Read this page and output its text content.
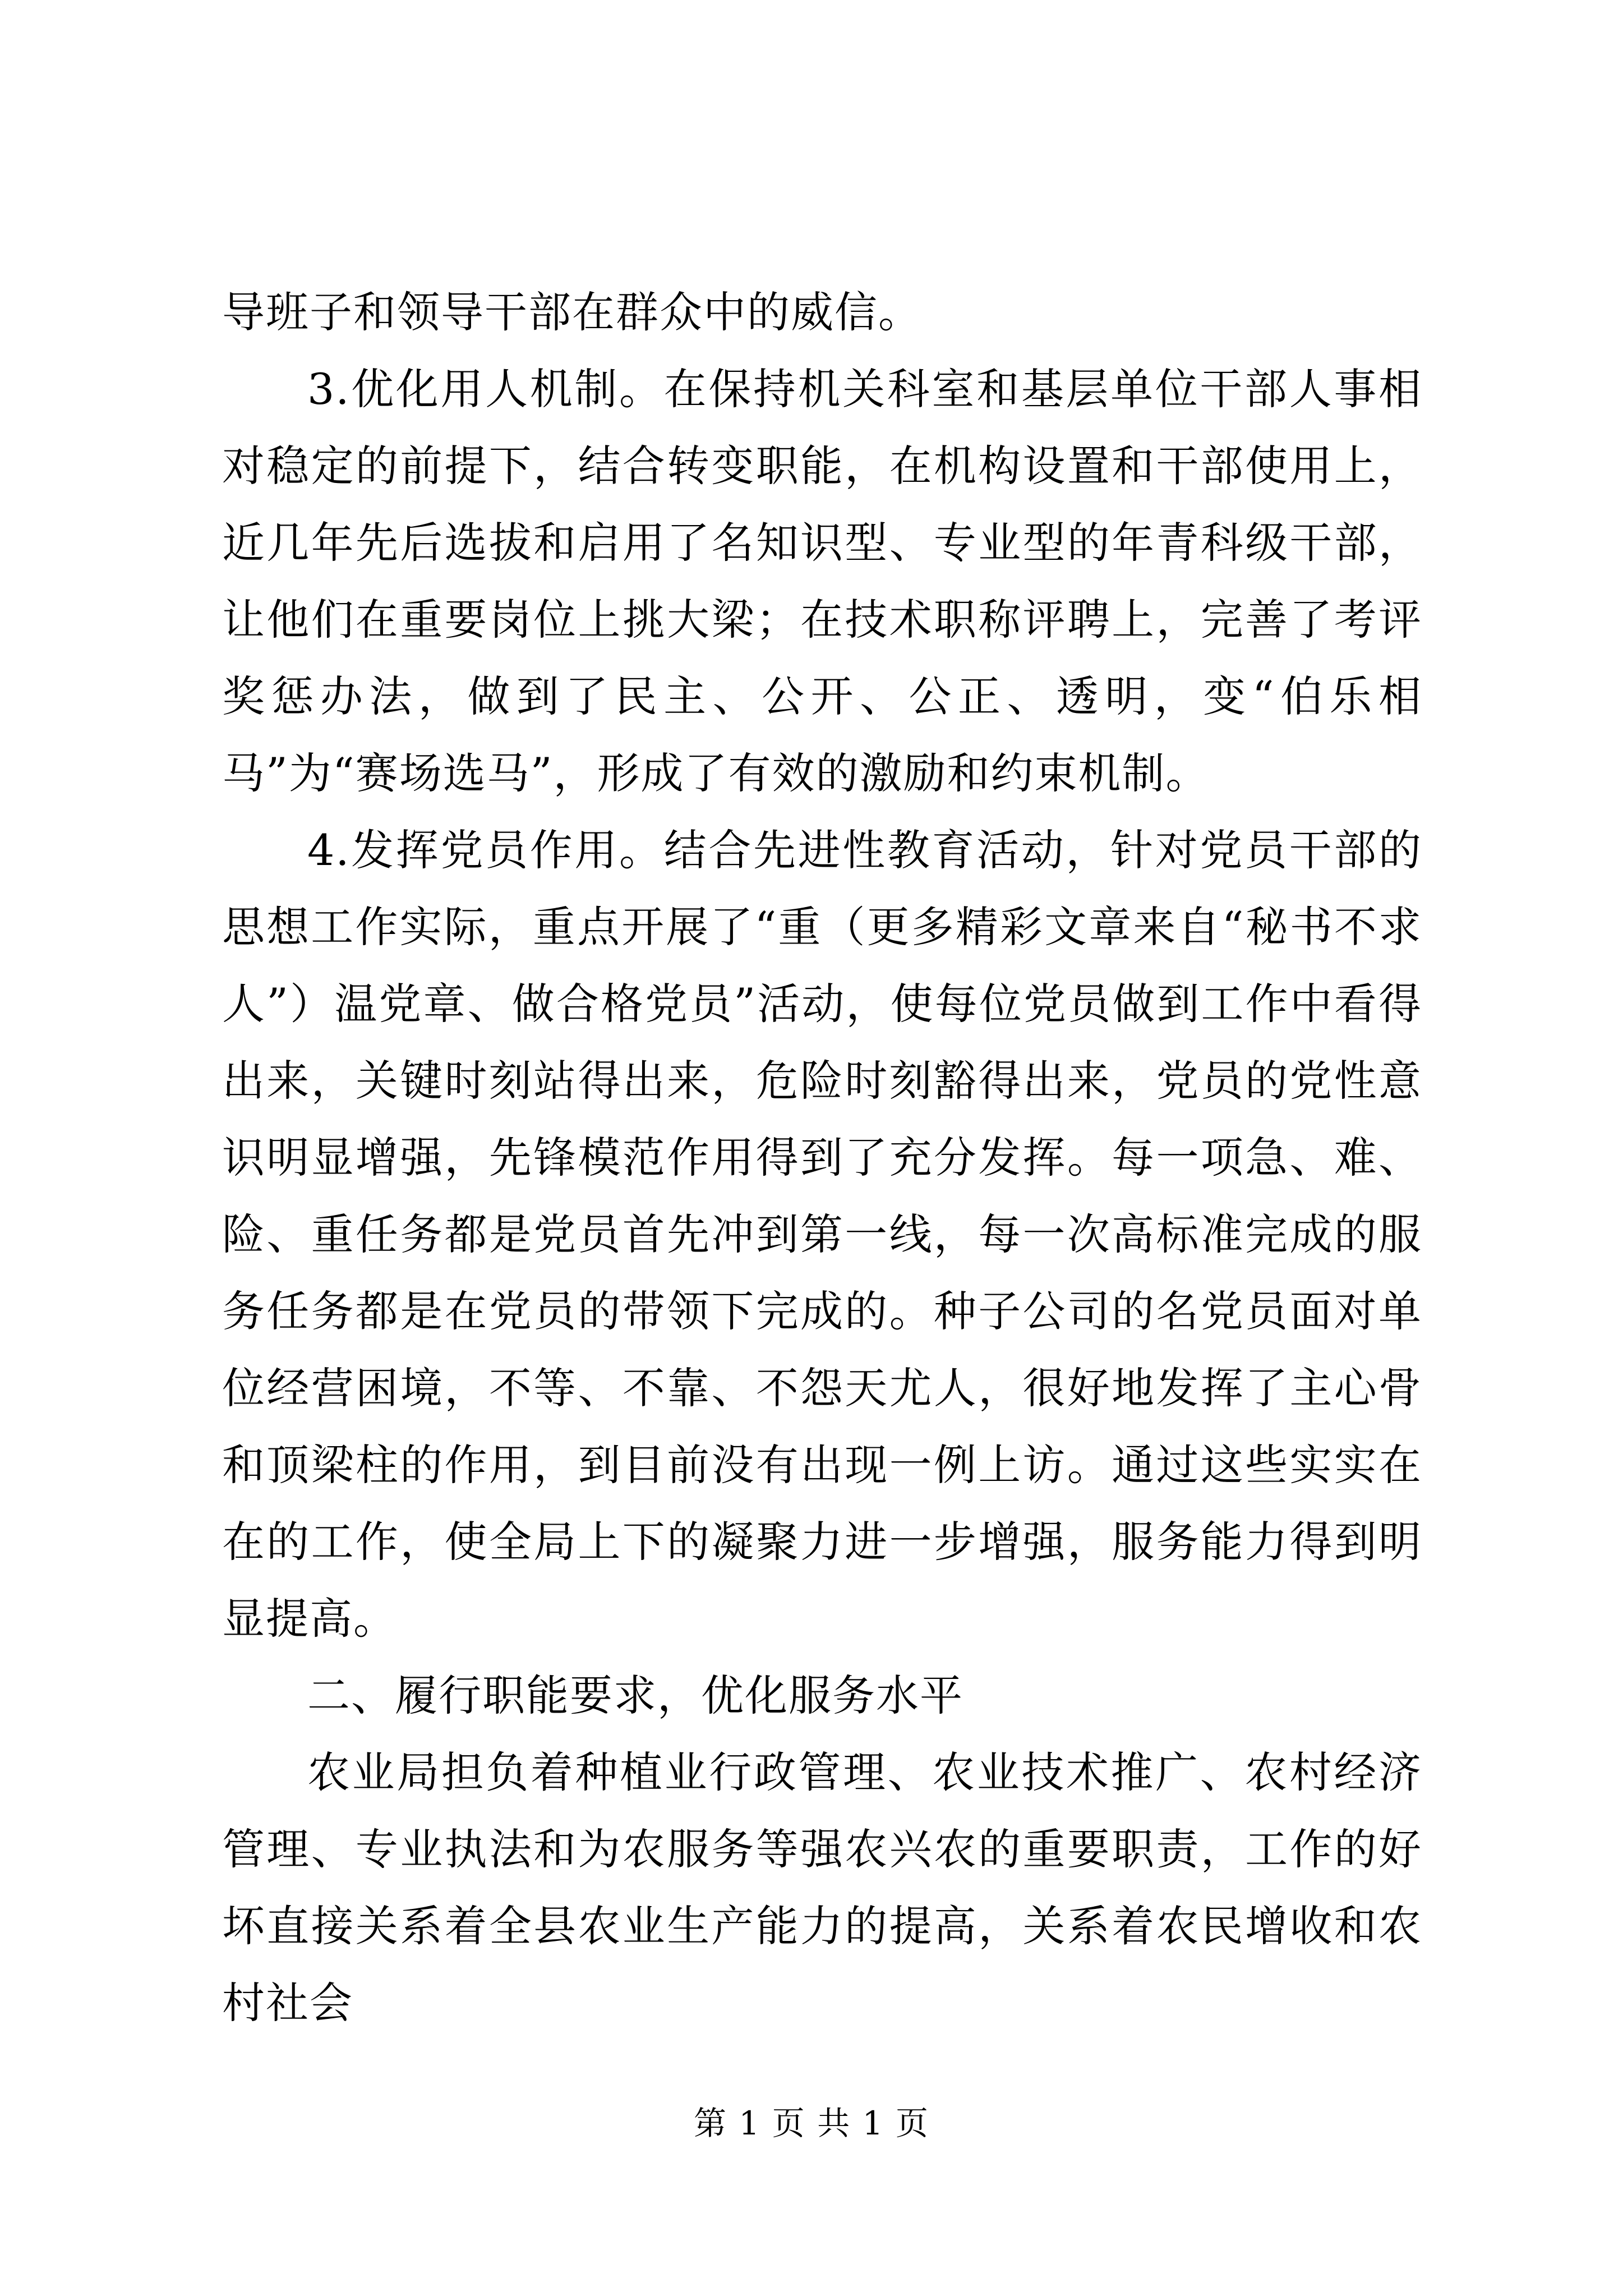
导班子和领导干部在群众中的威信。

3.优化用人机制。在保持机关科室和基层单位干部人事相对稳定的前提下，结合转变职能，在机构设置和干部使用上，近几年先后选拔和启用了名知识型、专业型的年青科级干部，让他们在重要岗位上挑大梁；在技术职称评聘上，完善了考评奖惩办法，做到了民主、公开、公正、透明，变“伯乐相马”为“赛场选马”，形成了有效的激励和约束机制。

4.发挥党员作用。结合先进性教育活动，针对党员干部的思想工作实际，重点开展了“重（更多精彩文章来自“秘书不求人”）温党章、做合格党员”活动，使每位党员做到工作中看得出来，关键时刻站得出来，危险时刻豁得出来，党员的党性意识明显增强，先锋模范作用得到了充分发挥。每一项急、难、险、重任务都是党员首先冲到第一线，每一次高标准完成的服务任务都是在党员的带领下完成的。种子公司的名党员面对单位经营困境，不等、不靠、不怨天尤人，很好地发挥了主心骨和顶梁柱的作用，到目前没有出现一例上访。通过这些实实在在的工作，使全局上下的凝聚力进一步增强，服务能力得到明显提高。

二、履行职能要求，优化服务水平

农业局担负着种植业行政管理、农业技术推广、农村经济管理、专业执法和为农服务等强农兴农的重要职责，工作的好坏直接关系着全县农业生产能力的提高，关系着农民增收和农村社会

第 1 页 共 1 页
